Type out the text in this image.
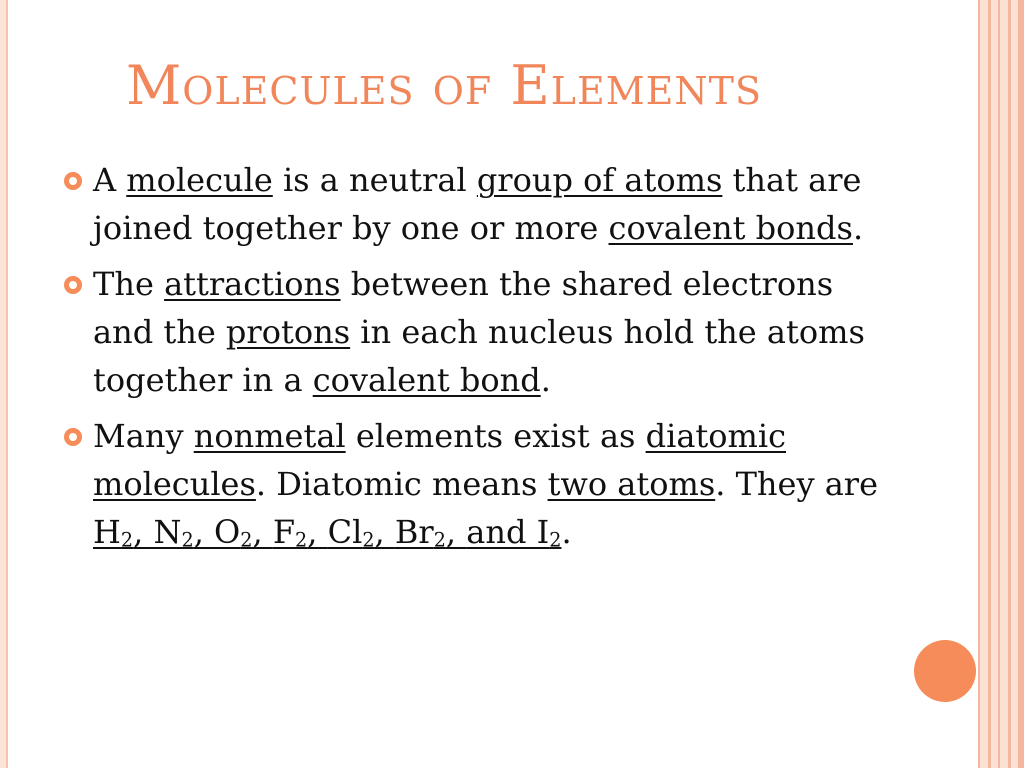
Molecules of Elements
A molecule is a neutral group of atoms that are joined together by one or more covalent bonds.
The attractions between the shared electrons and the protons in each nucleus hold the atoms together in a covalent bond.
Many nonmetal elements exist as diatomic molecules. Diatomic means two atoms. They are $H_2$, $N_2$, $O_2$, $F_2$, $Cl_2$, $Br_2$, and $I_2$.
